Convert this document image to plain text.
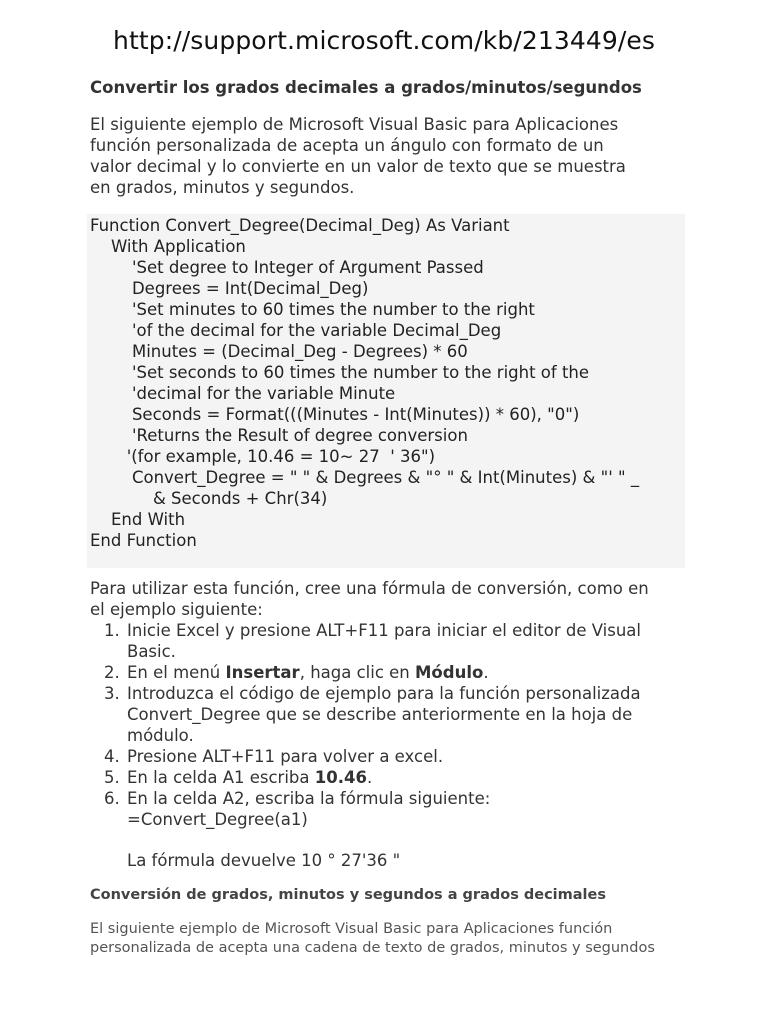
http://support.microsoft.com/kb/213449/es
Convertir los grados decimales a grados/minutos/segundos
El siguiente ejemplo de Microsoft Visual Basic para Aplicaciones
función personalizada de acepta un ángulo con formato de un
valor decimal y lo convierte en un valor de texto que se muestra
en grados, minutos y segundos.
Function Convert_Degree(Decimal_Deg) As Variant
With Application
'Set degree to Integer of Argument Passed
Degrees = Int(Decimal_Deg)
'Set minutes to 60 times the number to the right
'of the decimal for the variable Decimal_Deg
Minutes = (Decimal_Deg - Degrees) * 60
'Set seconds to 60 times the number to the right of the
'decimal for the variable Minute
Seconds = Format(((Minutes - Int(Minutes)) * 60), "0")
'Returns the Result of degree conversion
'(for example, 10.46 = 10~ 27  ' 36")
Convert_Degree = " " & Degrees & "° " & Int(Minutes) & "' " _
& Seconds + Chr(34)
End With
End Function
Para utilizar esta función, cree una fórmula de conversión, como en
el ejemplo siguiente:
1. Inicie Excel y presione ALT+F11 para iniciar el editor de Visual
Basic.
2. En el menú Insertar, haga clic en Módulo.
3. Introduzca el código de ejemplo para la función personalizada
Convert_Degree que se describe anteriormente en la hoja de
módulo.
4. Presione ALT+F11 para volver a excel.
5. En la celda A1 escriba 10.46.
6. En la celda A2, escriba la fórmula siguiente:
=Convert_Degree(a1)
La fórmula devuelve 10 ° 27'36 "
Conversión de grados, minutos y segundos a grados decimales
El siguiente ejemplo de Microsoft Visual Basic para Aplicaciones función
personalizada de acepta una cadena de texto de grados, minutos y segundos
